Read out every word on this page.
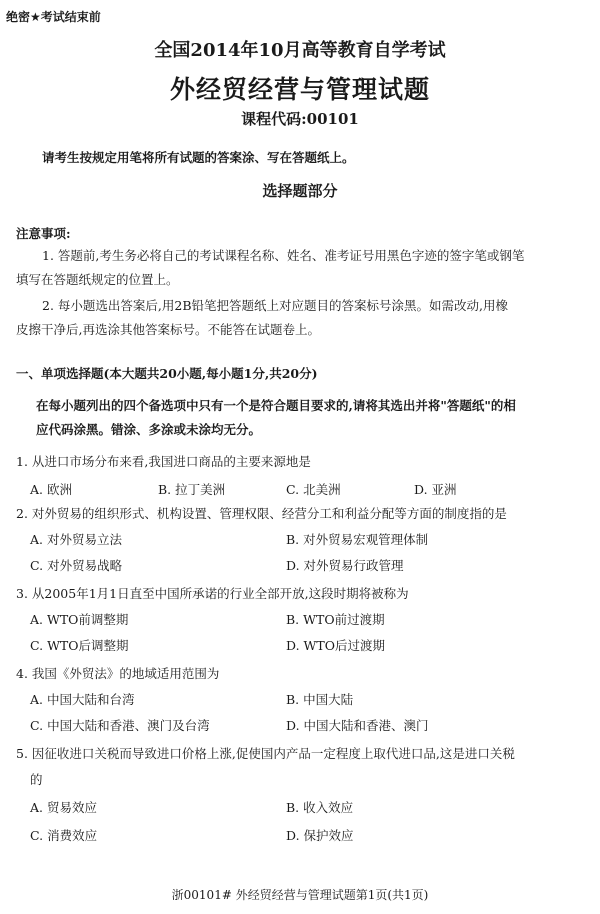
绝密★考试结束前
全国2014年10月高等教育自学考试
外经贸经营与管理试题
课程代码:00101
请考生按规定用笔将所有试题的答案涂、写在答题纸上。
选择题部分
注意事项:
1. 答题前,考生务必将自己的考试课程名称、姓名、准考证号用黑色字迹的签字笔或钢笔
填写在答题纸规定的位置上。
2. 每小题选出答案后,用2B铅笔把答题纸上对应题目的答案标号涂黑。如需改动,用橡
皮擦干净后,再选涂其他答案标号。不能答在试题卷上。
一、单项选择题(本大题共20小题,每小题1分,共20分)
在每小题列出的四个备选项中只有一个是符合题目要求的,请将其选出并将"答题纸"的相
应代码涂黑。错涂、多涂或未涂均无分。
1. 从进口市场分布来看,我国进口商品的主要来源地是
A. 欧洲	B. 拉丁美洲	C. 北美洲	D. 亚洲
2. 对外贸易的组织形式、机构设置、管理权限、经营分工和利益分配等方面的制度指的是
A. 对外贸易立法	B. 对外贸易宏观管理体制
C. 对外贸易战略	D. 对外贸易行政管理
3. 从2005年1月1日直至中国所承诺的行业全部开放,这段时期将被称为
A. WTO前调整期	B. WTO前过渡期
C. WTO后调整期	D. WTO后过渡期
4. 我国《外贸法》的地域适用范围为
A. 中国大陆和台湾	B. 中国大陆
C. 中国大陆和香港、澳门及台湾	D. 中国大陆和香港、澳门
5. 因征收进口关税而导致进口价格上涨,促使国内产品一定程度上取代进口品,这是进口关税
的
A. 贸易效应	B. 收入效应
C. 消费效应	D. 保护效应
浙00101# 外经贸经营与管理试题第1页(共1页)
